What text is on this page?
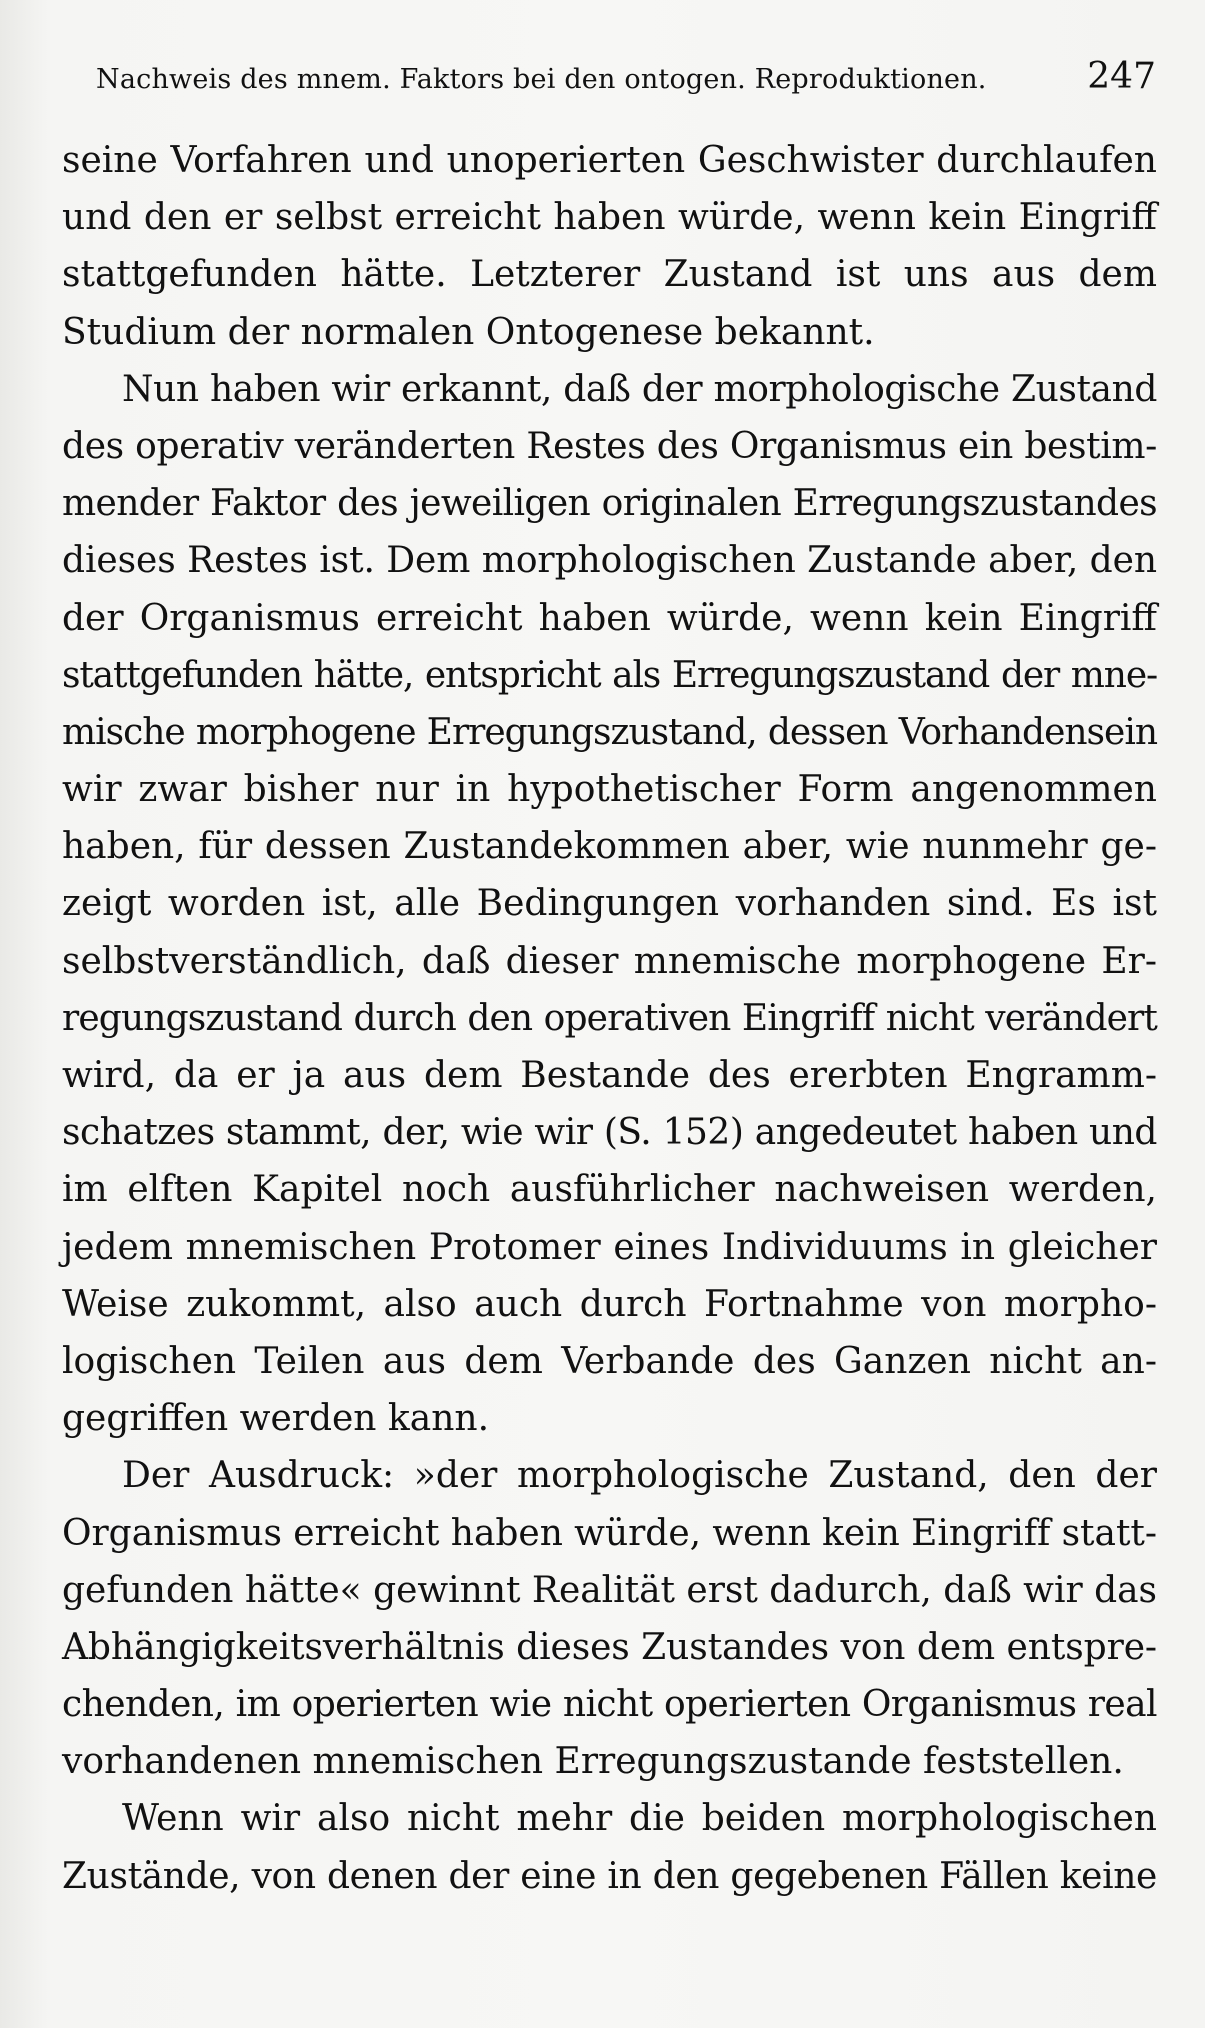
Nachweis des mnem. Faktors bei den ontogen. Reproduktionen.	247
seine Vorfahren und unoperierten Geschwister durchlaufen
und den er selbst erreicht haben würde, wenn kein Eingriff
stattgefunden hätte. Letzterer Zustand ist uns aus dem
Studium der normalen Ontogenese bekannt.
Nun haben wir erkannt, daß der morphologische Zustand
des operativ veränderten Restes des Organismus ein bestim-
mender Faktor des jeweiligen originalen Erregungszustandes
dieses Restes ist. Dem morphologischen Zustande aber, den
der Organismus erreicht haben würde, wenn kein Eingriff
stattgefunden hätte, entspricht als Erregungszustand der mne-
mische morphogene Erregungszustand, dessen Vorhandensein
wir zwar bisher nur in hypothetischer Form angenommen
haben, für dessen Zustandekommen aber, wie nunmehr ge-
zeigt worden ist, alle Bedingungen vorhanden sind. Es ist
selbstverständlich, daß dieser mnemische morphogene Er-
regungszustand durch den operativen Eingriff nicht verändert
wird, da er ja aus dem Bestande des ererbten Engramm-
schatzes stammt, der, wie wir (S. 152) angedeutet haben und
im elften Kapitel noch ausführlicher nachweisen werden,
jedem mnemischen Protomer eines Individuums in gleicher
Weise zukommt, also auch durch Fortnahme von morpho-
logischen Teilen aus dem Verbande des Ganzen nicht an-
gegriffen werden kann.
Der Ausdruck: »der morphologische Zustand, den der
Organismus erreicht haben würde, wenn kein Eingriff statt-
gefunden hätte« gewinnt Realität erst dadurch, daß wir das
Abhängigkeitsverhältnis dieses Zustandes von dem entspre-
chenden, im operierten wie nicht operierten Organismus real
vorhandenen mnemischen Erregungszustande feststellen.
Wenn wir also nicht mehr die beiden morphologischen
Zustände, von denen der eine in den gegebenen Fällen keine
